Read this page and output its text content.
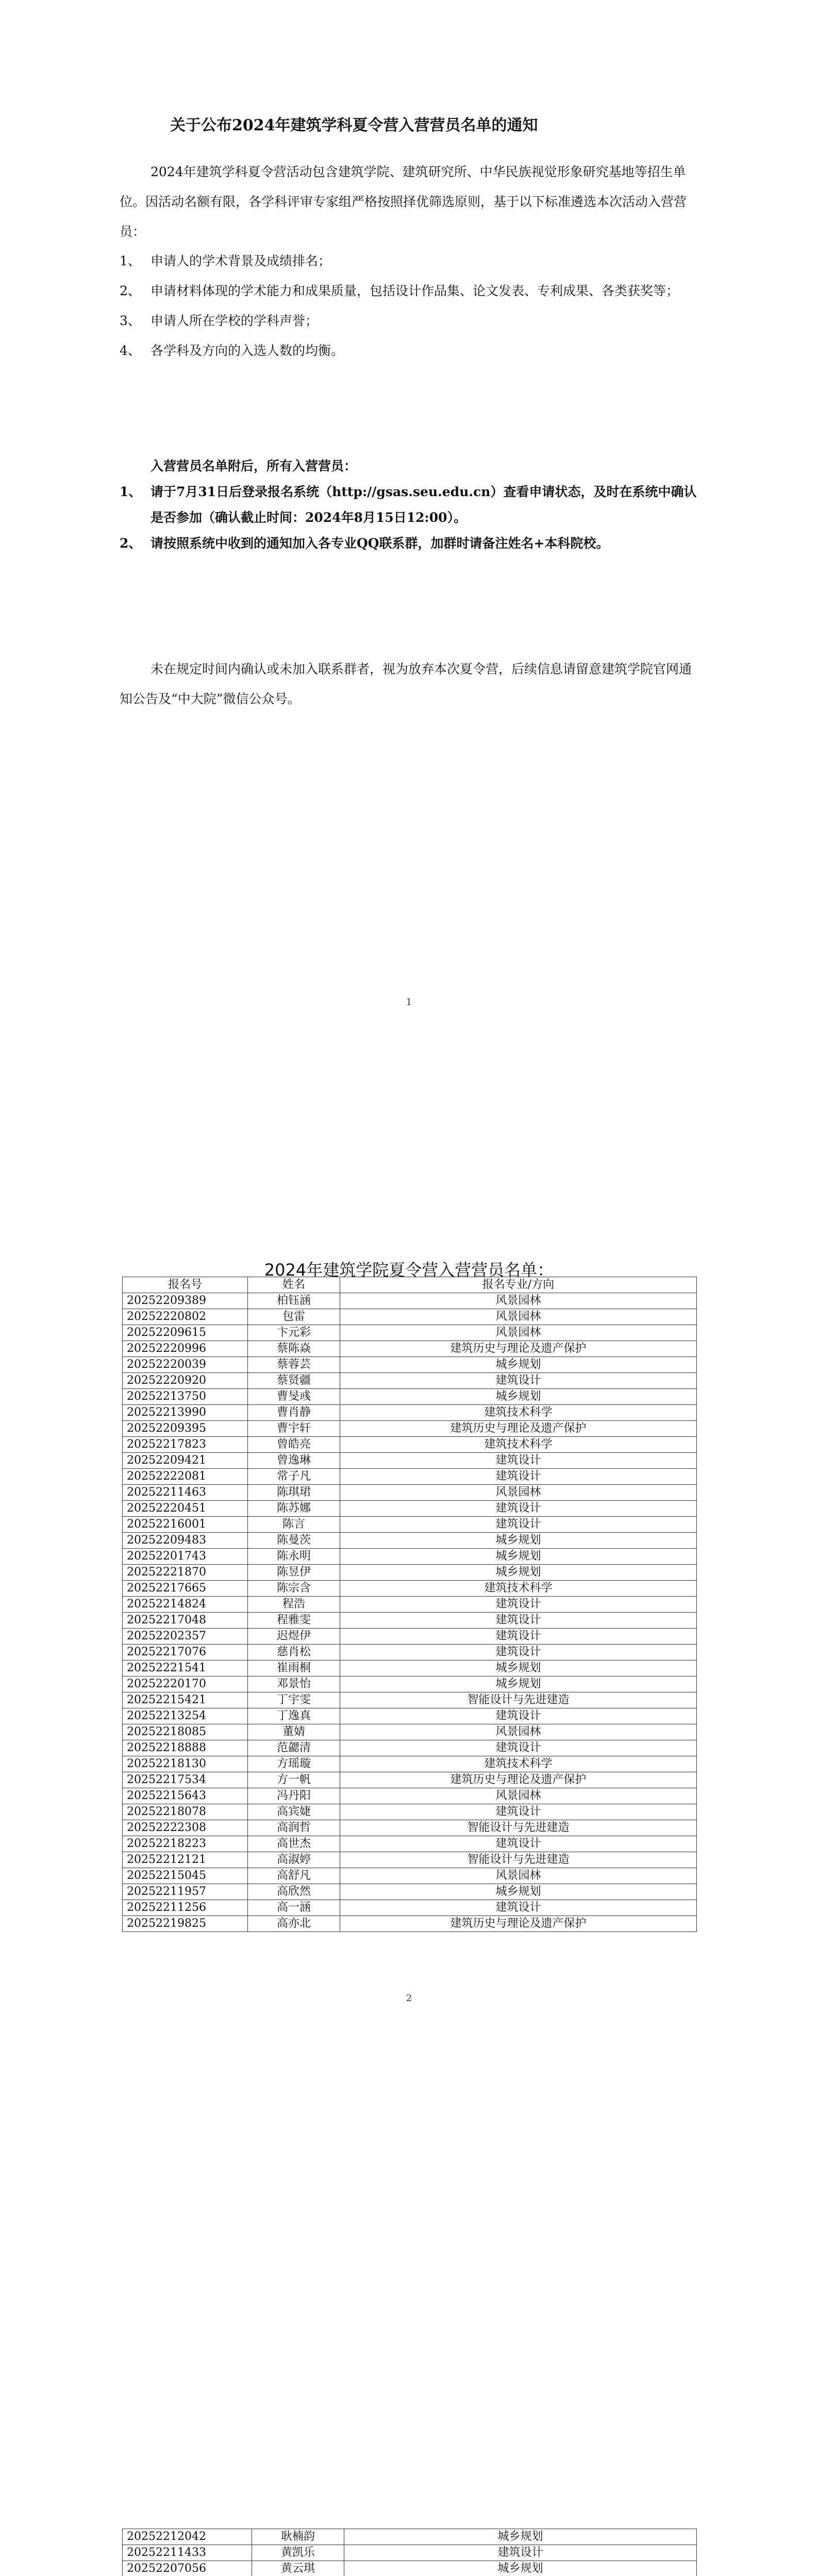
关于公布2024年建筑学科夏令营入营营员名单的通知
2024年建筑学科夏令营活动包含建筑学院、建筑研究所、中华民族视觉形象研究基地等招生单位。因活动名额有限，各学科评审专家组严格按照择优筛选原则，基于以下标准遴选本次活动入营营员：
1、 申请人的学术背景及成绩排名；
2、 申请材料体现的学术能力和成果质量，包括设计作品集、论文发表、专利成果、各类获奖等；
3、 申请人所在学校的学科声誉；
4、 各学科及方向的入选人数的均衡。
入营营员名单附后，所有入营营员：
1、 请于7月31日后登录报名系统（http://gsas.seu.edu.cn）查看申请状态，及时在系统中确认是否参加（确认截止时间：2024年8月15日12:00）。
2、 请按照系统中收到的通知加入各专业QQ联系群，加群时请备注姓名+本科院校。
未在规定时间内确认或未加入联系群者，视为放弃本次夏令营，后续信息请留意建筑学院官网通知公告及“中大院”微信公众号。
1
2024年建筑学院夏令营入营营员名单：
报名号	姓名	报名专业/方向
20252209389	柏钰涵	风景园林
20252220802	包雷	风景园林
20252209615	卞元彩	风景园林
20252220996	蔡陈焱	建筑历史与理论及遗产保护
20252220039	蔡蓉芸	城乡规划
20252220920	蔡贤疆	建筑设计
20252213750	曹旻彧	城乡规划
20252213990	曹肖静	建筑技术科学
20252209395	曹宇轩	建筑历史与理论及遗产保护
20252217823	曾皓亮	建筑技术科学
20252209421	曾逸琳	建筑设计
20252222081	常子凡	建筑设计
20252211463	陈琪珺	风景园林
20252220451	陈苏娜	建筑设计
20252216001	陈言	建筑设计
20252209483	陈曼茨	城乡规划
20252201743	陈永明	城乡规划
20252221870	陈昱伊	城乡规划
20252217665	陈宗含	建筑技术科学
20252214824	程浩	建筑设计
20252217048	程雅雯	建筑设计
20252202357	迟煜伊	建筑设计
20252217076	慈肖松	建筑设计
20252221541	崔雨桐	城乡规划
20252220170	邓景怡	城乡规划
20252215421	丁宇雯	智能设计与先进建造
20252213254	丁逸真	建筑设计
20252218085	董婧	风景园林
20252218888	范勰清	建筑设计
20252218130	方瑶璇	建筑技术科学
20252217534	方一帆	建筑历史与理论及遗产保护
20252215643	冯丹阳	风景园林
20252218078	高宾婕	建筑设计
20252222308	高润哲	智能设计与先进建造
20252218223	高世杰	建筑设计
20252212121	高淑婷	智能设计与先进建造
20252215045	高舒凡	风景园林
20252211957	高欣然	城乡规划
20252211256	高一涵	建筑设计
20252219825	高亦北	建筑历史与理论及遗产保护
2
20252212042	耿楠韵	城乡规划
20252211433	黄凯乐	建筑设计
20252207056	黄云琪	城乡规划
